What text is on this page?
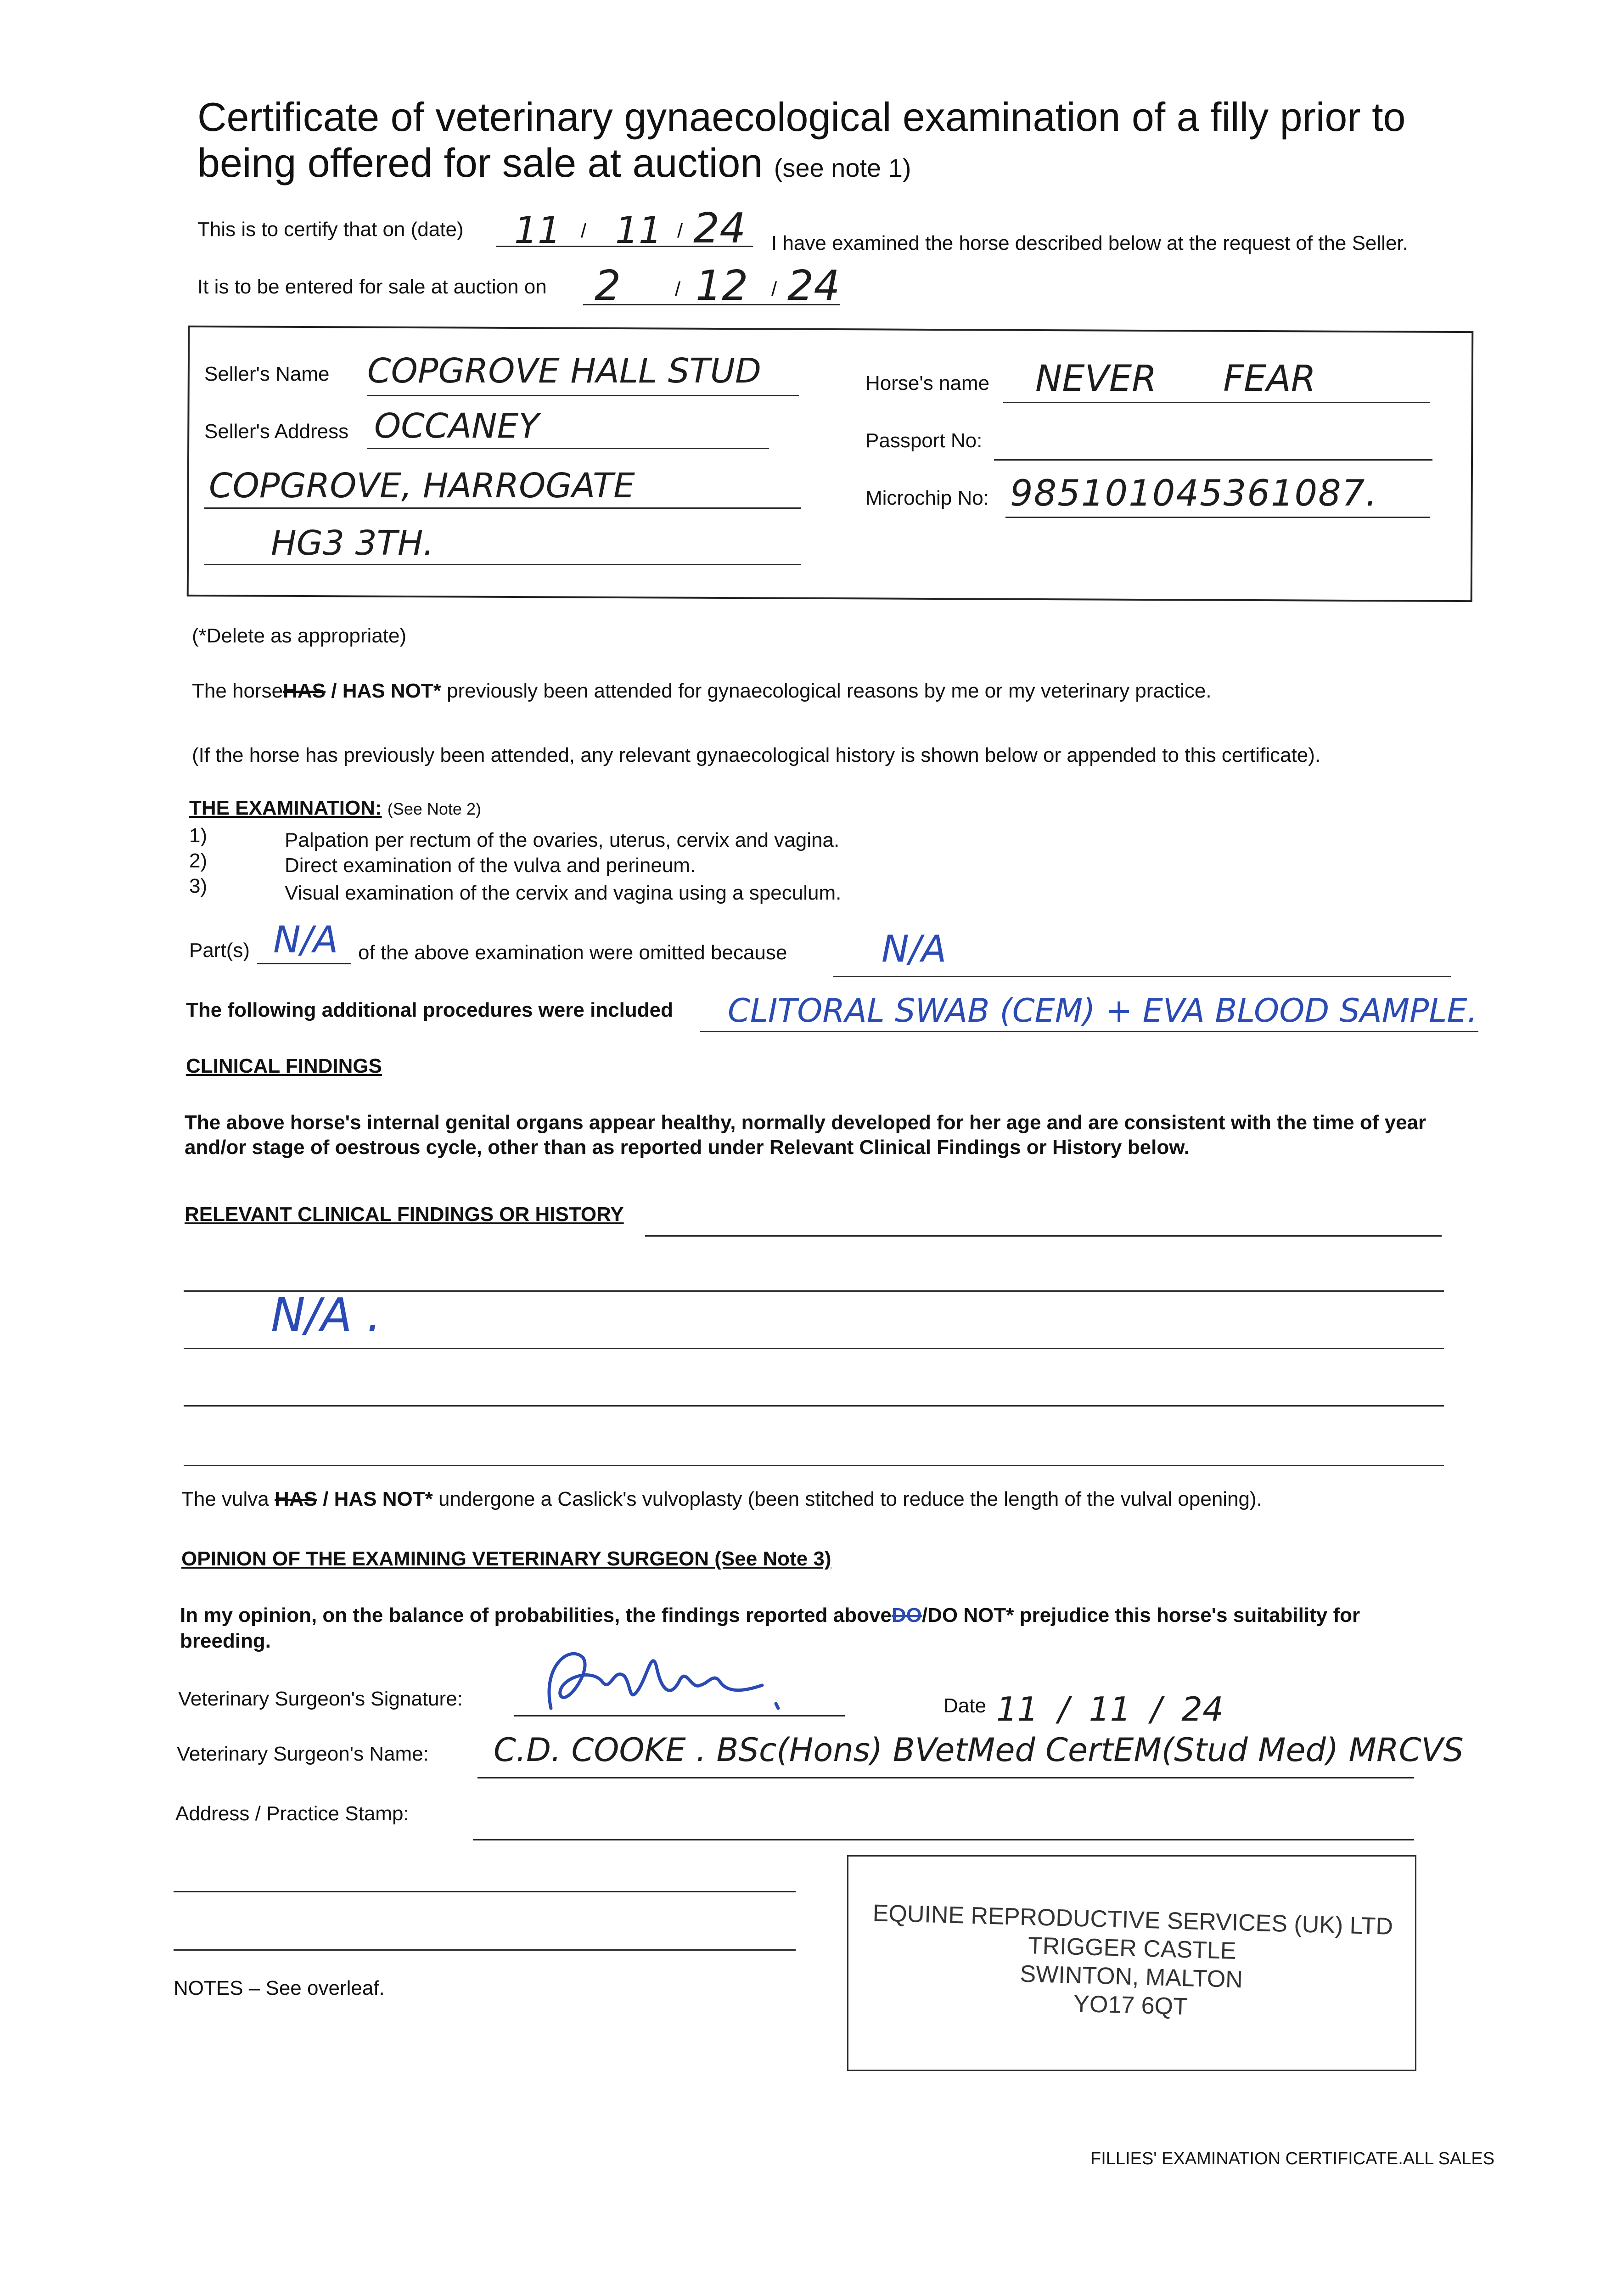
Certificate of veterinary gynaecological examination of a filly prior to
being offered for sale at auction (see note 1)
This is to certify that on (date) 11 / 11 / 24 I have examined the horse described below at the request of the Seller.
It is to be entered for sale at auction on 2	/ 12 / 24
Seller's Name COPGROVE HALL STUD
Seller's Address OCCANEY
COPGROVE, HARROGATE
HG3 3TH.
Horse's name NEVER FEAR
Passport No:
Microchip No: 985101045361087.
(*Delete as appropriate)
The horseHAS / HAS NOT* previously been attended for gynaecological reasons by me or my veterinary practice.
(If the horse has previously been attended, any relevant gynaecological history is shown below or appended to this certificate).
THE EXAMINATION: (See Note 2)
1)	Palpation per rectum of the ovaries, uterus, cervix and vagina.
2)	Direct examination of the vulva and perineum.
3)	Visual examination of the cervix and vagina using a speculum.
Part(s) N/A of the above examination were omitted because	N/A
The following additional procedures were included CLITORAL SWAB (CEM) + EVA BLOOD SAMPLE.
CLINICAL FINDINGS
The above horse's internal genital organs appear healthy, normally developed for her age and are consistent with the time of year
and/or stage of oestrous cycle, other than as reported under Relevant Clinical Findings or History below.
RELEVANT CLINICAL FINDINGS OR HISTORY
N/A .
The vulva HAS / HAS NOT* undergone a Caslick's vulvoplasty (been stitched to reduce the length of the vulval opening).
OPINION OF THE EXAMINING VETERINARY SURGEON (See Note 3)
In my opinion, on the balance of probabilities, the findings reported aboveDO/DO NOT* prejudice this horse's suitability for
breeding.
Veterinary Surgeon's Signature:	Date 11 / 11 / 24
Veterinary Surgeon's Name: C.D. COOKE . BSc(Hons) BVetMed CertEM(Stud Med) MRCVS
Address / Practice Stamp:
NOTES – See overleaf.
EQUINE REPRODUCTIVE SERVICES (UK) LTD
TRIGGER CASTLE
SWINTON, MALTON
YO17 6QT
FILLIES' EXAMINATION CERTIFICATE.ALL SALES
